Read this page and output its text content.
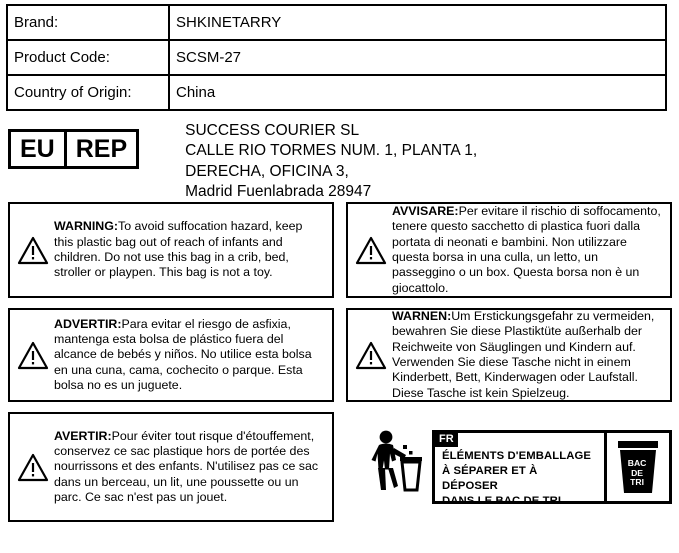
Brand:	SHKINETARRY
Product Code:	SCSM-27
Country of Origin:	China
EU REP
SUCCESS COURIER SL
CALLE RIO TORMES NUM. 1, PLANTA 1,
DERECHA, OFICINA 3,
Madrid Fuenlabrada 28947
WARNING:To avoid suffocation hazard, keep this plastic bag out of reach of infants and children. Do not use this bag in a crib, bed, stroller or playpen. This bag is not a toy.
AVVISARE:Per evitare il rischio di soffocamento, tenere questo sacchetto di plastica fuori dalla portata di neonati e bambini. Non utilizzare questa borsa in una culla, un letto, un passeggino o un box. Questa borsa non è un giocattolo.
ADVERTIR:Para evitar el riesgo de asfixia, mantenga esta bolsa de plástico fuera del alcance de bebés y niños. No utilice esta bolsa en una cuna, cama, cochecito o parque. Esta bolsa no es un juguete.
WARNEN:Um Erstickungsgefahr zu vermeiden, bewahren Sie diese Plastiktüte außerhalb der Reichweite von Säuglingen und Kindern auf. Verwenden Sie diese Tasche nicht in einem Kinderbett, Bett, Kinderwagen oder Laufstall. Diese Tasche ist kein Spielzeug.
AVERTIR:Pour éviter tout risque d'étouffement, conservez ce sac plastique hors de portée des nourrissons et des enfants. N'utilisez pas ce sac dans un berceau, un lit, une poussette ou un parc. Ce sac n'est pas un jouet.
FR
ÉLÉMENTS D'EMBALLAGE
À SÉPARER ET À DÉPOSER
DANS LE BAC DE TRI
BAC
DE
TRI
